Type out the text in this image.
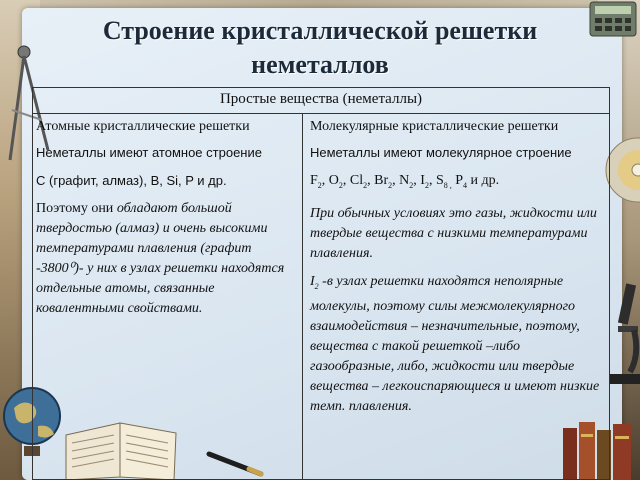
Строение кристаллической решетки неметаллов
Простые вещества (неметаллы)
Атомные кристаллические решетки

Неметаллы имеют атомное строение

С (графит, алмаз), B, Si, P и др.

Поэтому они обладают большой твердостью (алмаз) и очень высокими температурами плавления (графит -3800⁰)- у них в узлах решетки находятся отдельные атомы, связанные ковалентными свойствами.

Молекулярные кристаллические решетки

Неметаллы имеют молекулярное строение

$F_2$, $O_2$, $Cl_2$, $Br_2$, $N_2$, $I_2$, $S_{8 ,}$ $P_4$ и др.

При обычных условиях это газы, жидкости или твердые вещества с низкими температурами плавления.

$I_2$ -в узлах решетки находятся неполярные молекулы, поэтому силы межмолекулярного взаимодействия – незначительные, поэтому, вещества с такой решеткой –либо газообразные, либо, жидкости или твердые вещества – легкоиспаряющиеся и имеют низкие темп. плавления.
